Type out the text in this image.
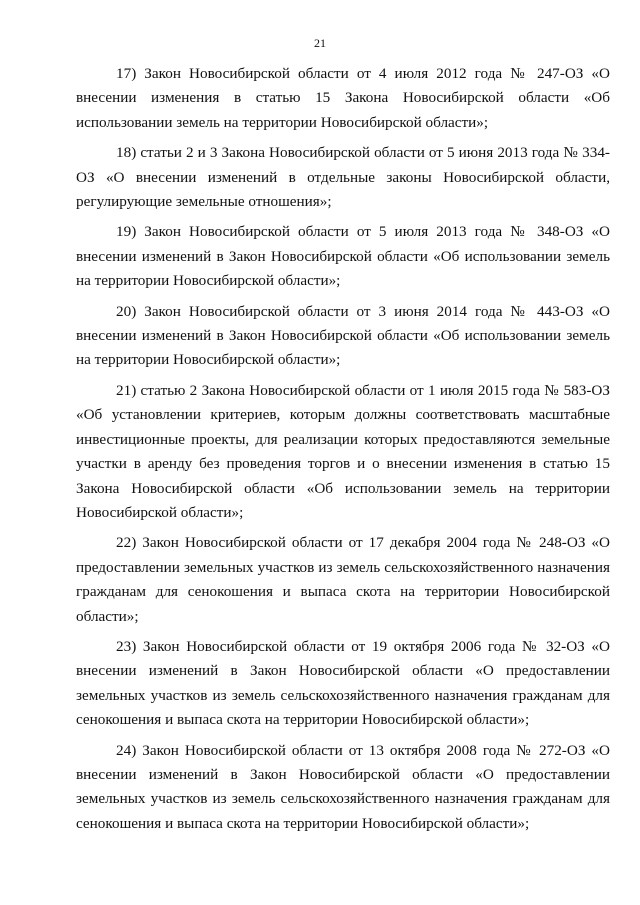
21

17) Закон Новосибирской области от 4 июля 2012 года № 247-ОЗ «О внесении изменения в статью 15 Закона Новосибирской области «Об использовании земель на территории Новосибирской области»;

18) статьи 2 и 3 Закона Новосибирской области от 5 июня 2013 года № 334-ОЗ «О внесении изменений в отдельные законы Новосибирской области, регулирующие земельные отношения»;

19) Закон Новосибирской области от 5 июля 2013 года № 348-ОЗ «О внесении изменений в Закон Новосибирской области «Об использовании земель на территории Новосибирской области»;

20) Закон Новосибирской области от 3 июня 2014 года № 443-ОЗ «О внесении изменений в Закон Новосибирской области «Об использовании земель на территории Новосибирской области»;

21) статью 2 Закона Новосибирской области от 1 июля 2015 года № 583-ОЗ «Об установлении критериев, которым должны соответствовать масштабные инвестиционные проекты, для реализации которых предоставляются земельные участки в аренду без проведения торгов и о внесении изменения в статью 15 Закона Новосибирской области «Об использовании земель на территории Новосибирской области»;

22) Закон Новосибирской области от 17 декабря 2004 года № 248-ОЗ «О предоставлении земельных участков из земель сельскохозяйственного назначения гражданам для сенокошения и выпаса скота на территории Новосибирской области»;

23) Закон Новосибирской области от 19 октября 2006 года № 32-ОЗ «О внесении изменений в Закон Новосибирской области «О предоставлении земельных участков из земель сельскохозяйственного назначения гражданам для сенокошения и выпаса скота на территории Новосибирской области»;

24) Закон Новосибирской области от 13 октября 2008 года № 272-ОЗ «О внесении изменений в Закон Новосибирской области «О предоставлении земельных участков из земель сельскохозяйственного назначения гражданам для сенокошения и выпаса скота на территории Новосибирской области»;
